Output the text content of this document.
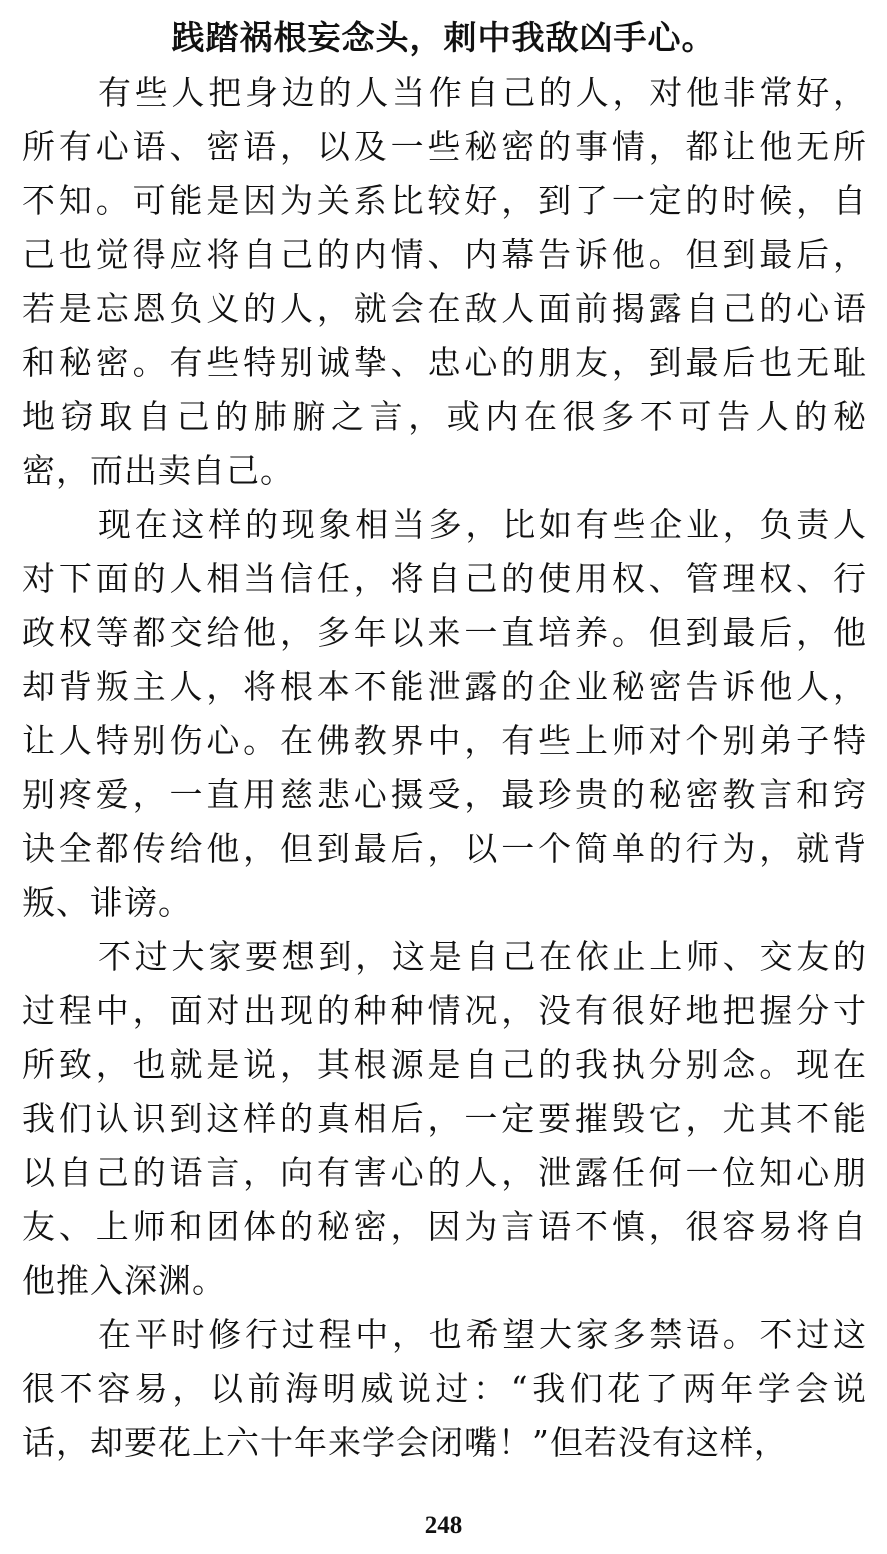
践踏祸根妄念头，刺中我敌凶手心。
有些人把身边的人当作自己的人，对他非常好，
所有心语、密语，以及一些秘密的事情，都让他无所
不知。可能是因为关系比较好，到了一定的时候，自
己也觉得应将自己的内情、内幕告诉他。但到最后，
若是忘恩负义的人，就会在敌人面前揭露自己的心语
和秘密。有些特别诚挚、忠心的朋友，到最后也无耻
地窃取自己的肺腑之言，或内在很多不可告人的秘
密，而出卖自己。
现在这样的现象相当多，比如有些企业，负责人
对下面的人相当信任，将自己的使用权、管理权、行
政权等都交给他，多年以来一直培养。但到最后，他
却背叛主人，将根本不能泄露的企业秘密告诉他人，
让人特别伤心。在佛教界中，有些上师对个别弟子特
别疼爱，一直用慈悲心摄受，最珍贵的秘密教言和窍
诀全都传给他，但到最后，以一个简单的行为，就背
叛、诽谤。
不过大家要想到，这是自己在依止上师、交友的
过程中，面对出现的种种情况，没有很好地把握分寸
所致，也就是说，其根源是自己的我执分别念。现在
我们认识到这样的真相后，一定要摧毁它，尤其不能
以自己的语言，向有害心的人，泄露任何一位知心朋
友、上师和团体的秘密，因为言语不慎，很容易将自
他推入深渊。
在平时修行过程中，也希望大家多禁语。不过这
很不容易，以前海明威说过：“我们花了两年学会说
话，却要花上六十年来学会闭嘴！”但若没有这样，
248
